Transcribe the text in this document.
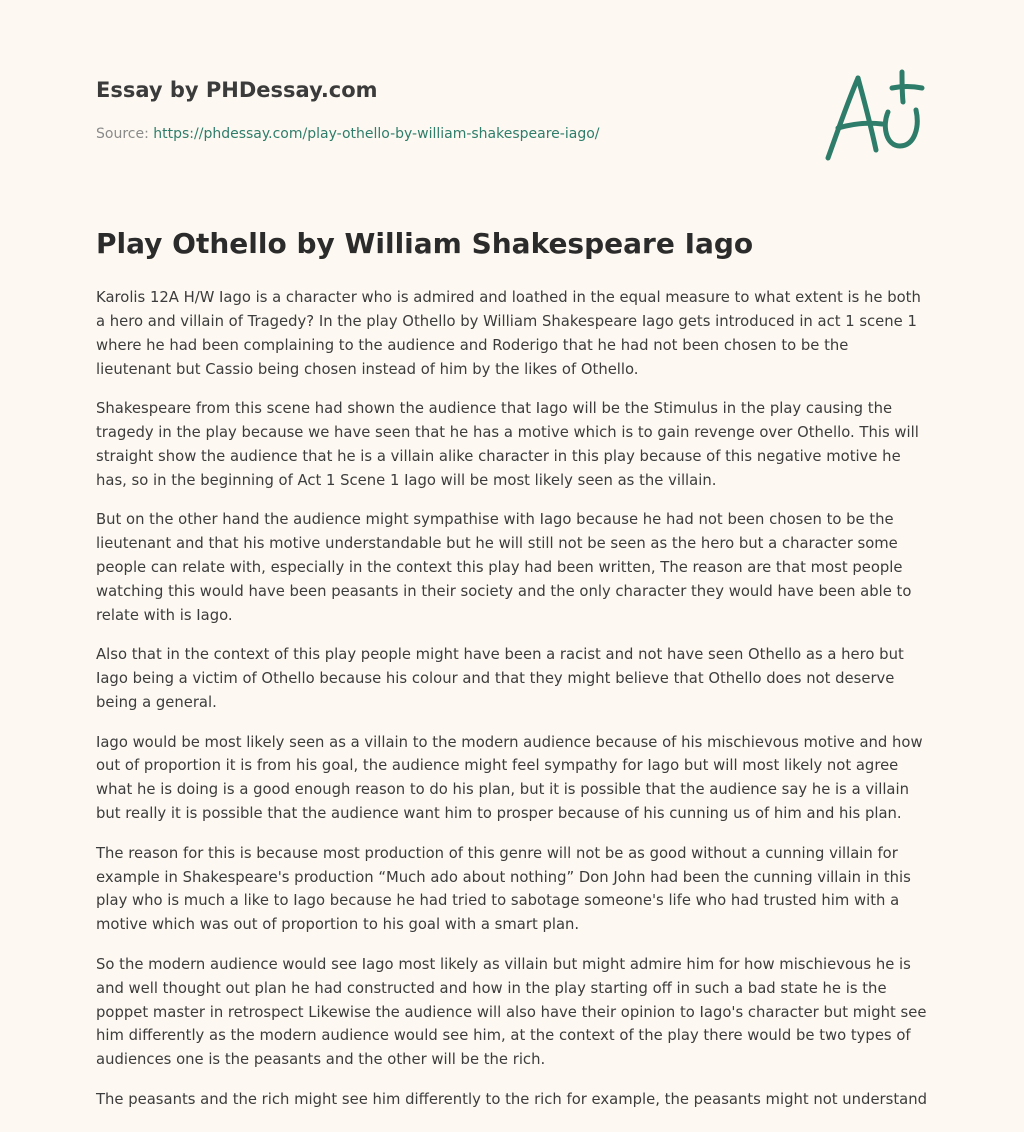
Essay by PHDessay.com
Source: https://phdessay.com/play-othello-by-william-shakespeare-iago/
Play Othello by William Shakespeare Iago

Karolis 12A H/W Iago is a character who is admired and loathed in the equal measure to what extent is he both a hero and villain of Tragedy? In the play Othello by William Shakespeare Iago gets introduced in act 1 scene 1 where he had been complaining to the audience and Roderigo that he had not been chosen to be the lieutenant but Cassio being chosen instead of him by the likes of Othello.

Shakespeare from this scene had shown the audience that Iago will be the Stimulus in the play causing the tragedy in the play because we have seen that he has a motive which is to gain revenge over Othello. This will straight show the audience that he is a villain alike character in this play because of this negative motive he has, so in the beginning of Act 1 Scene 1 Iago will be most likely seen as the villain.

But on the other hand the audience might sympathise with Iago because he had not been chosen to be the lieutenant and that his motive understandable but he will still not be seen as the hero but a character some people can relate with, especially in the context this play had been written, The reason are that most people watching this would have been peasants in their society and the only character they would have been able to relate with is Iago.

Also that in the context of this play people might have been a racist and not have seen Othello as a hero but Iago being a victim of Othello because his colour and that they might believe that Othello does not deserve being a general.

Iago would be most likely seen as a villain to the modern audience because of his mischievous motive and how out of proportion it is from his goal, the audience might feel sympathy for Iago but will most likely not agree what he is doing is a good enough reason to do his plan, but it is possible that the audience say he is a villain but really it is possible that the audience want him to prosper because of his cunning us of him and his plan.

The reason for this is because most production of this genre will not be as good without a cunning villain for example in Shakespeare's production “Much ado about nothing” Don John had been the cunning villain in this play who is much a like to Iago because he had tried to sabotage someone's life who had trusted him with a motive which was out of proportion to his goal with a smart plan.

So the modern audience would see Iago most likely as villain but might admire him for how mischievous he is and well thought out plan he had constructed and how in the play starting off in such a bad state he is the poppet master in retrospect Likewise the audience will also have their opinion to Iago's character but might see him differently as the modern audience would see him, at the context of the play there would be two types of audiences one is the peasants and the other will be the rich.

The peasants and the rich might see him differently to the rich for example, the peasants might not understand
